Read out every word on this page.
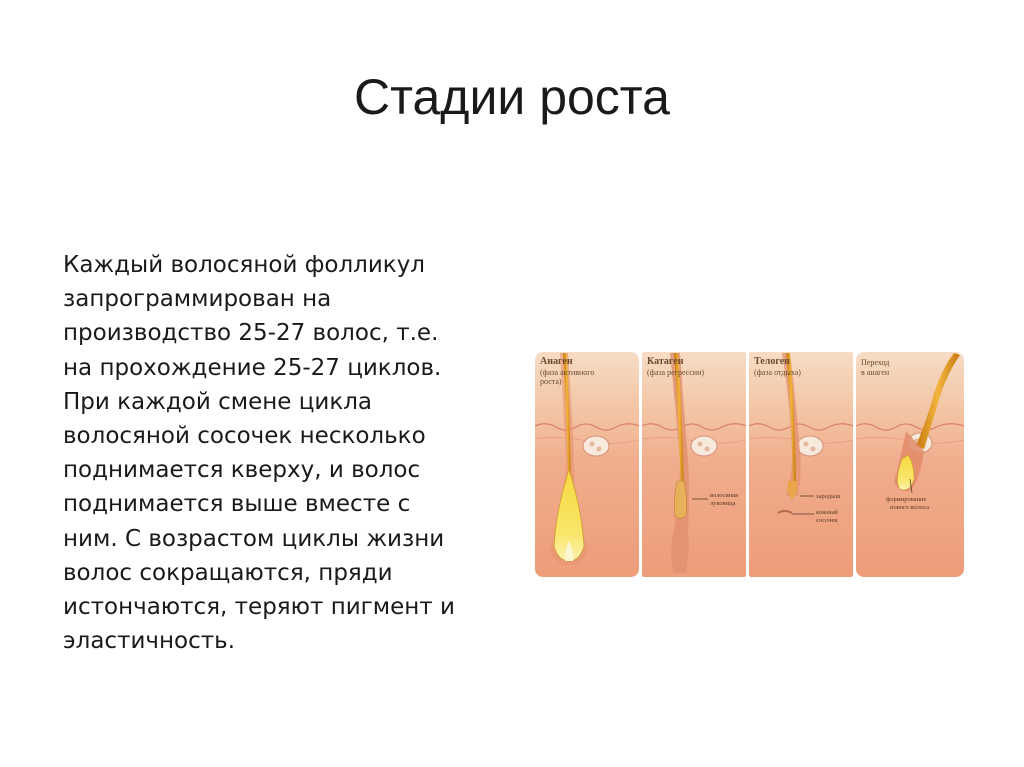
Стадии роста
Каждый волосяной фолликул
запрограммирован на
производство 25-27 волос, т.е.
на прохождение 25-27 циклов.
При каждой смене цикла
волосяной сосочек несколько
поднимается кверху, и волос
поднимается выше вместе с
ним. С возрастом циклы жизни
волос сокращаются, пряди
истончаются, теряют пигмент и
эластичность.
волосяная
луковица
зародыш
кожный
сосочек
формирование
нового волоса
Анаген
(фаза активного
роста)
Катаген
(фаза регрессии)
Телоген
(фаза отдыха)
Переход
в анаген
